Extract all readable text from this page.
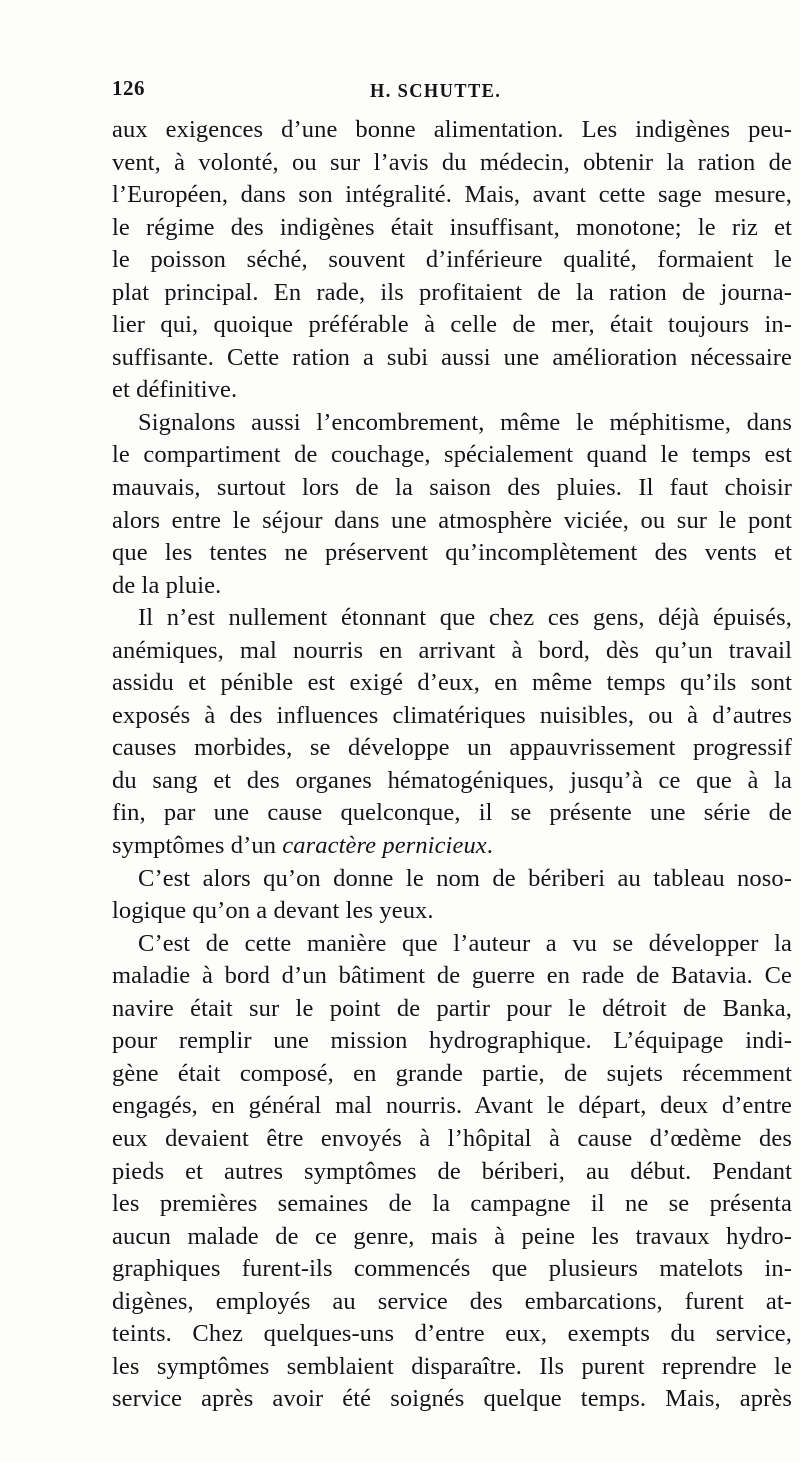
126	H. SCHUTTE.
aux exigences d’une bonne alimentation. Les indigènes peu-
vent, à volonté, ou sur l’avis du médecin, obtenir la ration de
l’Européen, dans son intégralité. Mais, avant cette sage mesure,
le régime des indigènes était insuffisant, monotone; le riz et
le poisson séché, souvent d’inférieure qualité, formaient le
plat principal. En rade, ils profitaient de la ration de journa-
lier qui, quoique préférable à celle de mer, était toujours in-
suffisante. Cette ration a subi aussi une amélioration nécessaire
et définitive.
Signalons aussi l’encombrement, même le méphitisme, dans
le compartiment de couchage, spécialement quand le temps est
mauvais, surtout lors de la saison des pluies. Il faut choisir
alors entre le séjour dans une atmosphère viciée, ou sur le pont
que les tentes ne préservent qu’incomplètement des vents et
de la pluie.
Il n’est nullement étonnant que chez ces gens, déjà épuisés,
anémiques, mal nourris en arrivant à bord, dès qu’un travail
assidu et pénible est exigé d’eux, en même temps qu’ils sont
exposés à des influences climatériques nuisibles, ou à d’autres
causes morbides, se développe un appauvrissement progressif
du sang et des organes hématogéniques, jusqu’à ce que à la
fin, par une cause quelconque, il se présente une série de
symptômes d’un caractère pernicieux.
C’est alors qu’on donne le nom de bériberi au tableau noso-
logique qu’on a devant les yeux.
C’est de cette manière que l’auteur a vu se développer la
maladie à bord d’un bâtiment de guerre en rade de Batavia. Ce
navire était sur le point de partir pour le détroit de Banka,
pour remplir une mission hydrographique. L’équipage indi-
gène était composé, en grande partie, de sujets récemment
engagés, en général mal nourris. Avant le départ, deux d’entre
eux devaient être envoyés à l’hôpital à cause d’œdème des
pieds et autres symptômes de bériberi, au début. Pendant
les premières semaines de la campagne il ne se présenta
aucun malade de ce genre, mais à peine les travaux hydro-
graphiques furent-ils commencés que plusieurs matelots in-
digènes, employés au service des embarcations, furent at-
teints. Chez quelques-uns d’entre eux, exempts du service,
les symptômes semblaient disparaître. Ils purent reprendre le
service après avoir été soignés quelque temps. Mais, après
